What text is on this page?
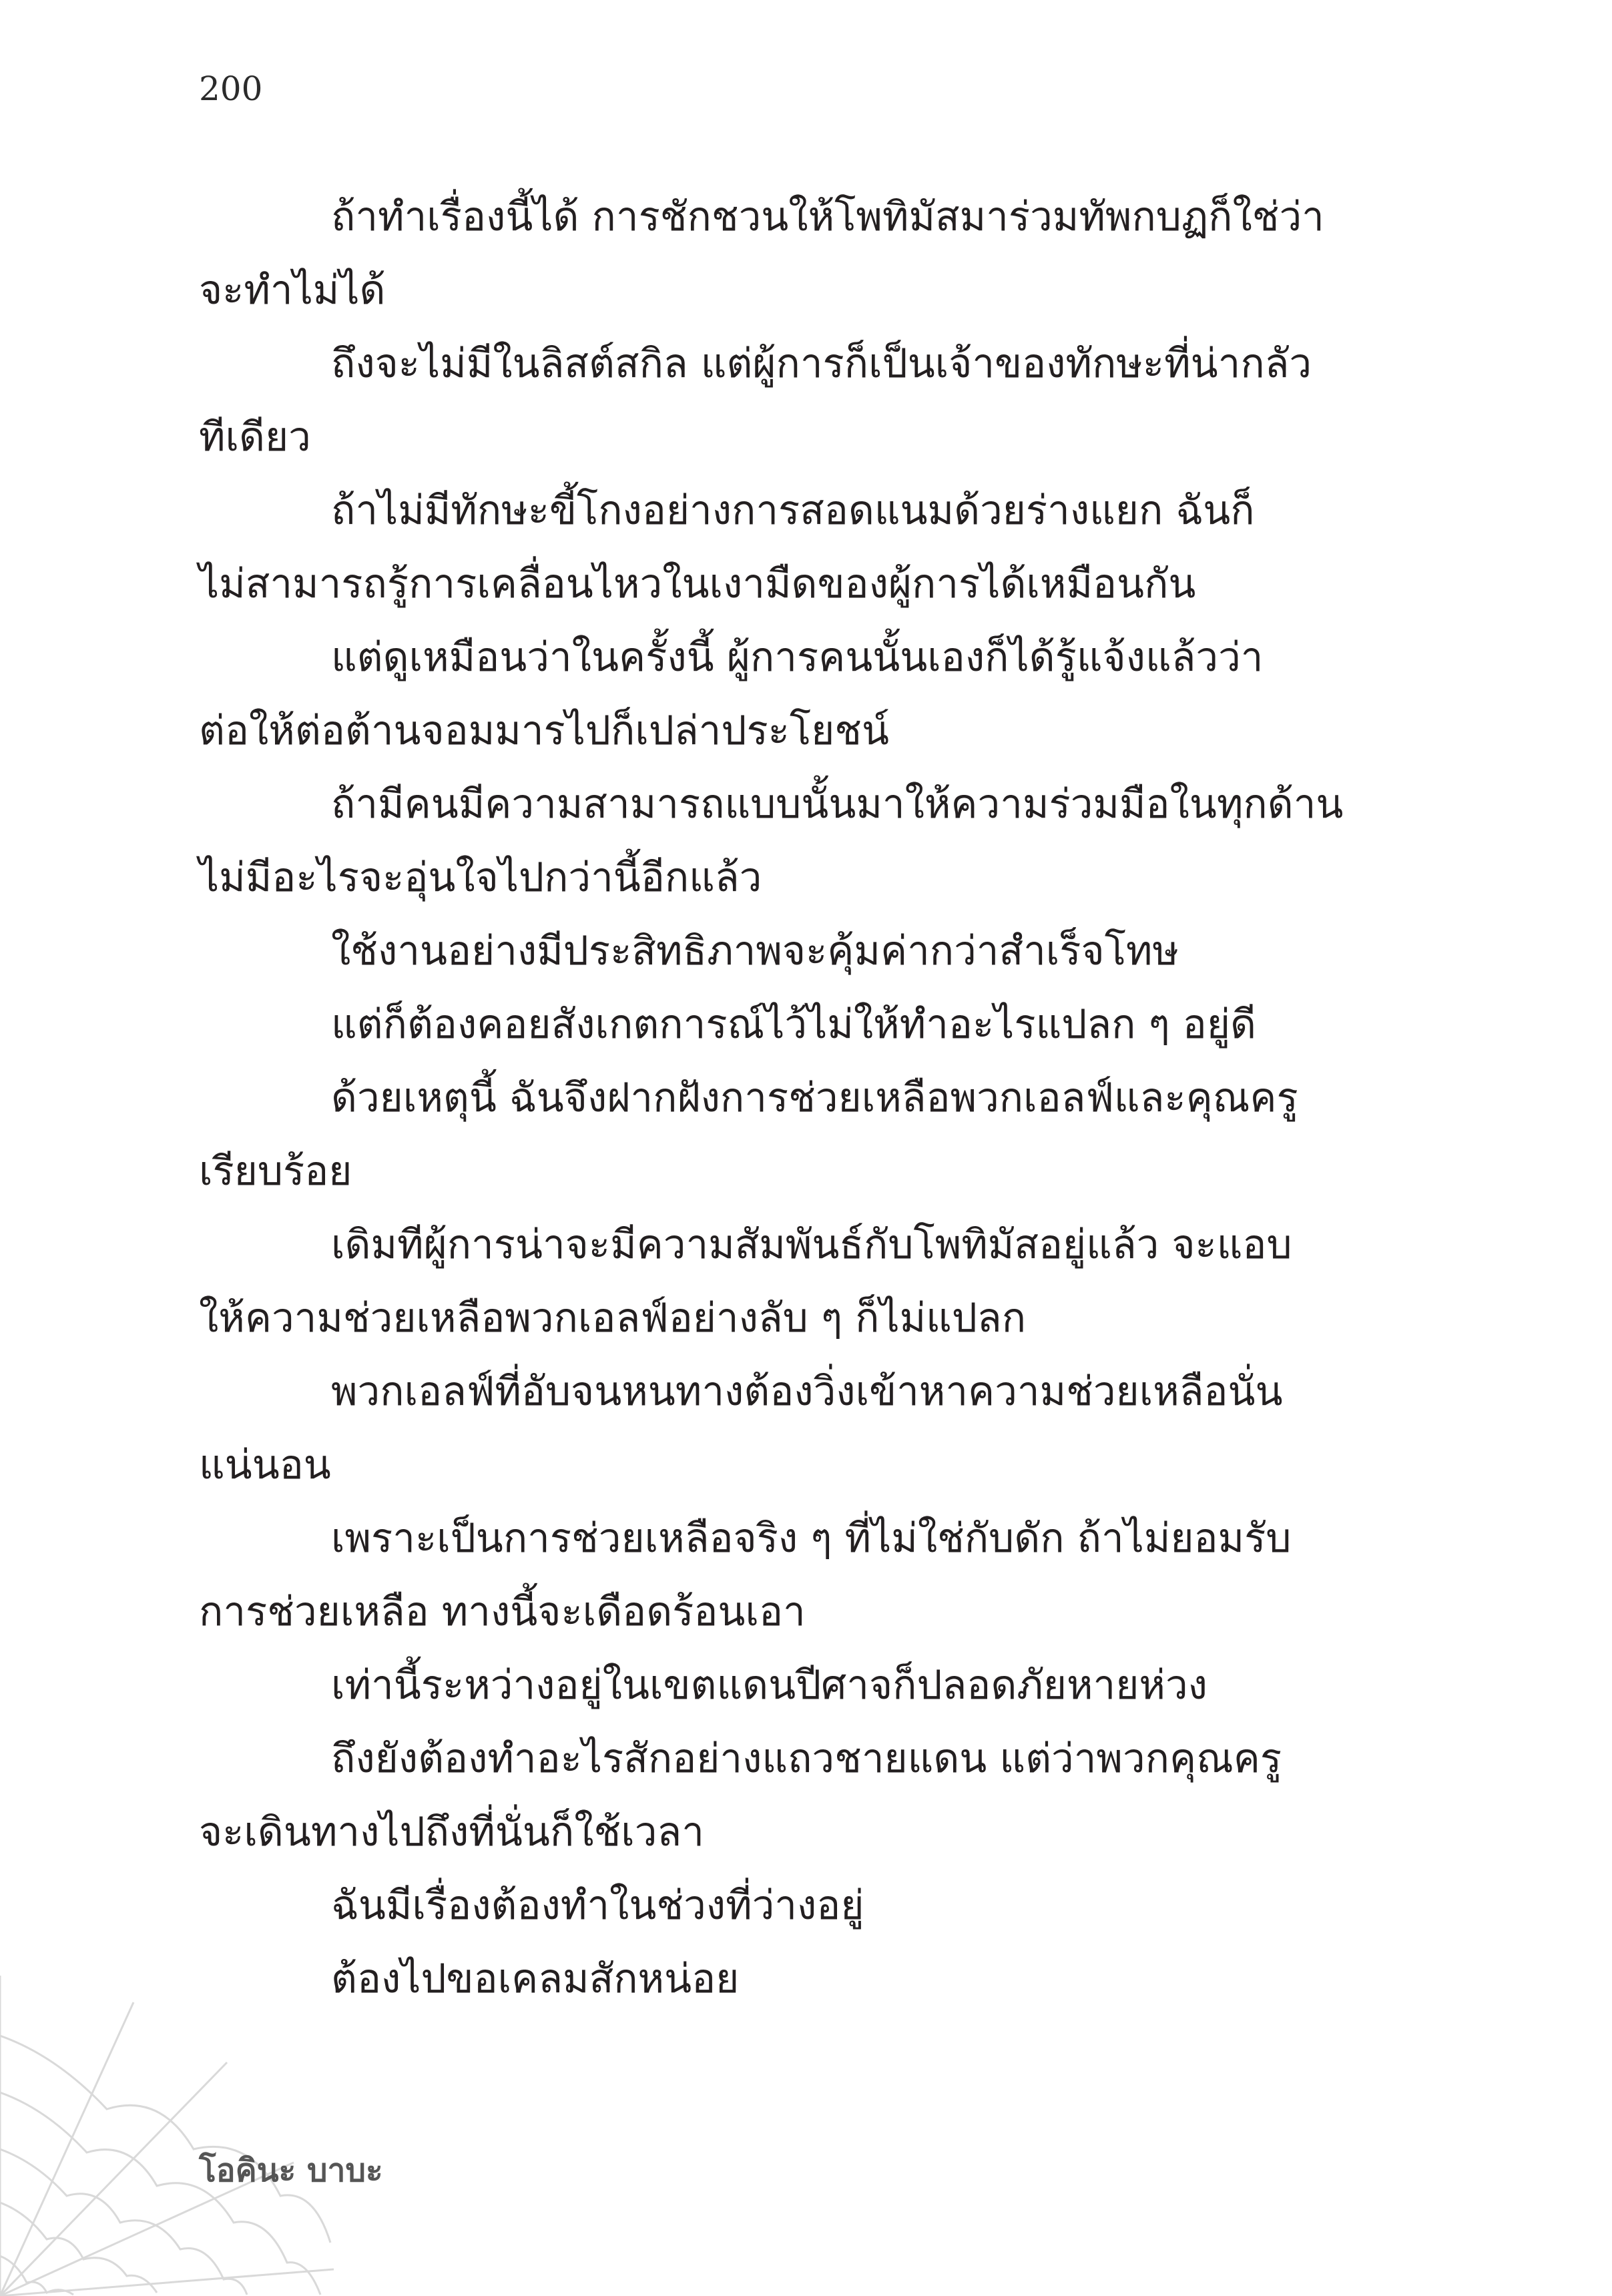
200
ถ้าทำเรื่องนี้ได้ การชักชวนให้โพทิมัสมาร่วมทัพกบฏก็ใช่ว่า
จะทำไม่ได้
ถึงจะไม่มีในลิสต์สกิล แต่ผู้การก็เป็นเจ้าของทักษะที่น่ากลัว
ทีเดียว
ถ้าไม่มีทักษะขี้โกงอย่างการสอดแนมด้วยร่างแยก ฉันก็
ไม่สามารถรู้การเคลื่อนไหวในเงามืดของผู้การได้เหมือนกัน
แต่ดูเหมือนว่าในครั้งนี้ ผู้การคนนั้นเองก็ได้รู้แจ้งแล้วว่า
ต่อให้ต่อต้านจอมมารไปก็เปล่าประโยชน์
ถ้ามีคนมีความสามารถแบบนั้นมาให้ความร่วมมือในทุกด้าน
ไม่มีอะไรจะอุ่นใจไปกว่านี้อีกแล้ว
ใช้งานอย่างมีประสิทธิภาพจะคุ้มค่ากว่าสำเร็จโทษ
แต่ก็ต้องคอยสังเกตการณ์ไว้ไม่ให้ทำอะไรแปลก ๆ อยู่ดี
ด้วยเหตุนี้ ฉันจึงฝากฝังการช่วยเหลือพวกเอลฟ์และคุณครู
เรียบร้อย
เดิมทีผู้การน่าจะมีความสัมพันธ์กับโพทิมัสอยู่แล้ว จะแอบ
ให้ความช่วยเหลือพวกเอลฟ์อย่างลับ ๆ ก็ไม่แปลก
พวกเอลฟ์ที่อับจนหนทางต้องวิ่งเข้าหาความช่วยเหลือนั่น
แน่นอน
เพราะเป็นการช่วยเหลือจริง ๆ ที่ไม่ใช่กับดัก ถ้าไม่ยอมรับ
การช่วยเหลือ ทางนี้จะเดือดร้อนเอา
เท่านี้ระหว่างอยู่ในเขตแดนปีศาจก็ปลอดภัยหายห่วง
ถึงยังต้องทำอะไรสักอย่างแถวชายแดน แต่ว่าพวกคุณครู
จะเดินทางไปถึงที่นั่นก็ใช้เวลา
ฉันมีเรื่องต้องทำในช่วงที่ว่างอยู่
ต้องไปขอเคลมสักหน่อย
โอคินะ บาบะ
